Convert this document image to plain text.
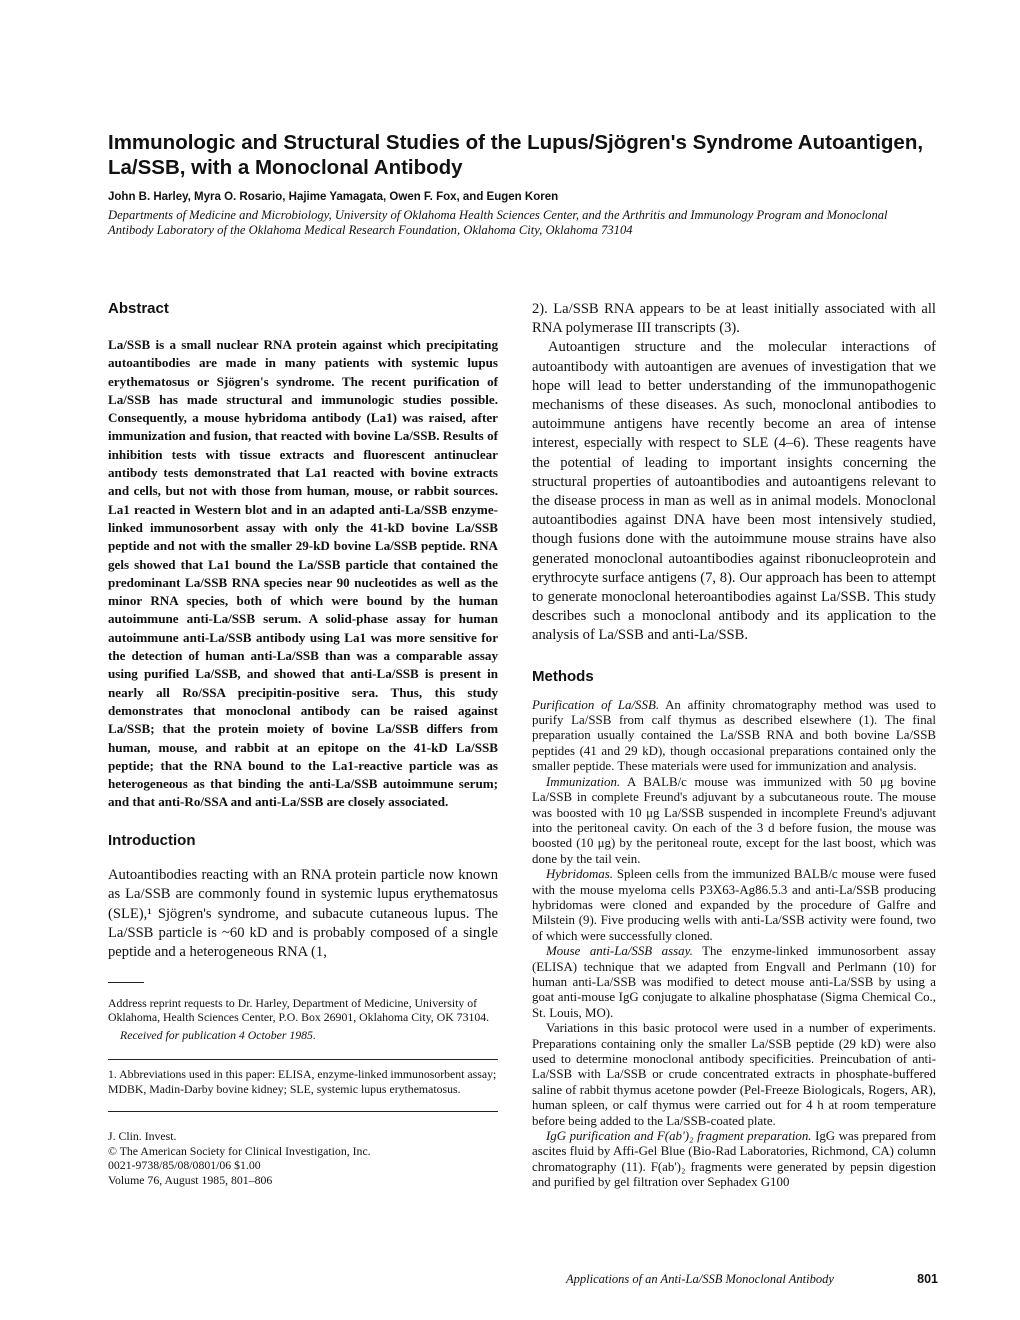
Immunologic and Structural Studies of the Lupus/Sjögren's Syndrome Autoantigen, La/SSB, with a Monoclonal Antibody

John B. Harley, Myra O. Rosario, Hajime Yamagata, Owen F. Fox, and Eugen Koren

Departments of Medicine and Microbiology, University of Oklahoma Health Sciences Center, and the Arthritis and Immunology Program and Monoclonal Antibody Laboratory of the Oklahoma Medical Research Foundation, Oklahoma City, Oklahoma 73104

Abstract

La/SSB is a small nuclear RNA protein against which precipitating autoantibodies are made in many patients with systemic lupus erythematosus or Sjögren's syndrome. The recent purification of La/SSB has made structural and immunologic studies possible. Consequently, a mouse hybridoma antibody (La1) was raised, after immunization and fusion, that reacted with bovine La/SSB. Results of inhibition tests with tissue extracts and fluorescent antinuclear antibody tests demonstrated that La1 reacted with bovine extracts and cells, but not with those from human, mouse, or rabbit sources. La1 reacted in Western blot and in an adapted anti-La/SSB enzyme-linked immunosorbent assay with only the 41-kD bovine La/SSB peptide and not with the smaller 29-kD bovine La/SSB peptide. RNA gels showed that La1 bound the La/SSB particle that contained the predominant La/SSB RNA species near 90 nucleotides as well as the minor RNA species, both of which were bound by the human autoimmune anti-La/SSB serum. A solid-phase assay for human autoimmune anti-La/SSB antibody using La1 was more sensitive for the detection of human anti-La/SSB than was a comparable assay using purified La/SSB, and showed that anti-La/SSB is present in nearly all Ro/SSA precipitin-positive sera. Thus, this study demonstrates that monoclonal antibody can be raised against La/SSB; that the protein moiety of bovine La/SSB differs from human, mouse, and rabbit at an epitope on the 41-kD La/SSB peptide; that the RNA bound to the La1-reactive particle was as heterogeneous as that binding the anti-La/SSB autoimmune serum; and that anti-Ro/SSA and anti-La/SSB are closely associated.

Introduction

Autoantibodies reacting with an RNA protein particle now known as La/SSB are commonly found in systemic lupus erythematosus (SLE),¹ Sjögren's syndrome, and subacute cutaneous lupus. The La/SSB particle is ~60 kD and is probably composed of a single peptide and a heterogeneous RNA (1,

Address reprint requests to Dr. Harley, Department of Medicine, University of Oklahoma, Health Sciences Center, P.O. Box 26901, Oklahoma City, OK 73104.

Received for publication 4 October 1985.

1. Abbreviations used in this paper: ELISA, enzyme-linked immunosorbent assay; MDBK, Madin-Darby bovine kidney; SLE, systemic lupus erythematosus.

J. Clin. Invest.
© The American Society for Clinical Investigation, Inc.
0021-9738/85/08/0801/06 $1.00
Volume 76, August 1985, 801–806

2). La/SSB RNA appears to be at least initially associated with all RNA polymerase III transcripts (3).

Autoantigen structure and the molecular interactions of autoantibody with autoantigen are avenues of investigation that we hope will lead to better understanding of the immunopathogenic mechanisms of these diseases. As such, monoclonal antibodies to autoimmune antigens have recently become an area of intense interest, especially with respect to SLE (4–6). These reagents have the potential of leading to important insights concerning the structural properties of autoantibodies and autoantigens relevant to the disease process in man as well as in animal models. Monoclonal autoantibodies against DNA have been most intensively studied, though fusions done with the autoimmune mouse strains have also generated monoclonal autoantibodies against ribonucleoprotein and erythrocyte surface antigens (7, 8). Our approach has been to attempt to generate monoclonal heteroantibodies against La/SSB. This study describes such a monoclonal antibody and its application to the analysis of La/SSB and anti-La/SSB.

Methods

Purification of La/SSB. An affinity chromatography method was used to purify La/SSB from calf thymus as described elsewhere (1). The final preparation usually contained the La/SSB RNA and both bovine La/SSB peptides (41 and 29 kD), though occasional preparations contained only the smaller peptide. These materials were used for immunization and analysis.

Immunization. A BALB/c mouse was immunized with 50 μg bovine La/SSB in complete Freund's adjuvant by a subcutaneous route. The mouse was boosted with 10 μg La/SSB suspended in incomplete Freund's adjuvant into the peritoneal cavity. On each of the 3 d before fusion, the mouse was boosted (10 μg) by the peritoneal route, except for the last boost, which was done by the tail vein.

Hybridomas. Spleen cells from the immunized BALB/c mouse were fused with the mouse myeloma cells P3X63-Ag86.5.3 and anti-La/SSB producing hybridomas were cloned and expanded by the procedure of Galfre and Milstein (9). Five producing wells with anti-La/SSB activity were found, two of which were successfully cloned.

Mouse anti-La/SSB assay. The enzyme-linked immunosorbent assay (ELISA) technique that we adapted from Engvall and Perlmann (10) for human anti-La/SSB was modified to detect mouse anti-La/SSB by using a goat anti-mouse IgG conjugate to alkaline phosphatase (Sigma Chemical Co., St. Louis, MO).

Variations in this basic protocol were used in a number of experiments. Preparations containing only the smaller La/SSB peptide (29 kD) were also used to determine monoclonal antibody specificities. Preincubation of anti-La/SSB with La/SSB or crude concentrated extracts in phosphate-buffered saline of rabbit thymus acetone powder (Pel-Freeze Biologicals, Rogers, AR), human spleen, or calf thymus were carried out for 4 h at room temperature before being added to the La/SSB-coated plate.

IgG purification and F(ab')₂ fragment preparation. IgG was prepared from ascites fluid by Affi-Gel Blue (Bio-Rad Laboratories, Richmond, CA) column chromatography (11). F(ab')₂ fragments were generated by pepsin digestion and purified by gel filtration over Sephadex G100

Applications of an Anti-La/SSB Monoclonal Antibody	801
